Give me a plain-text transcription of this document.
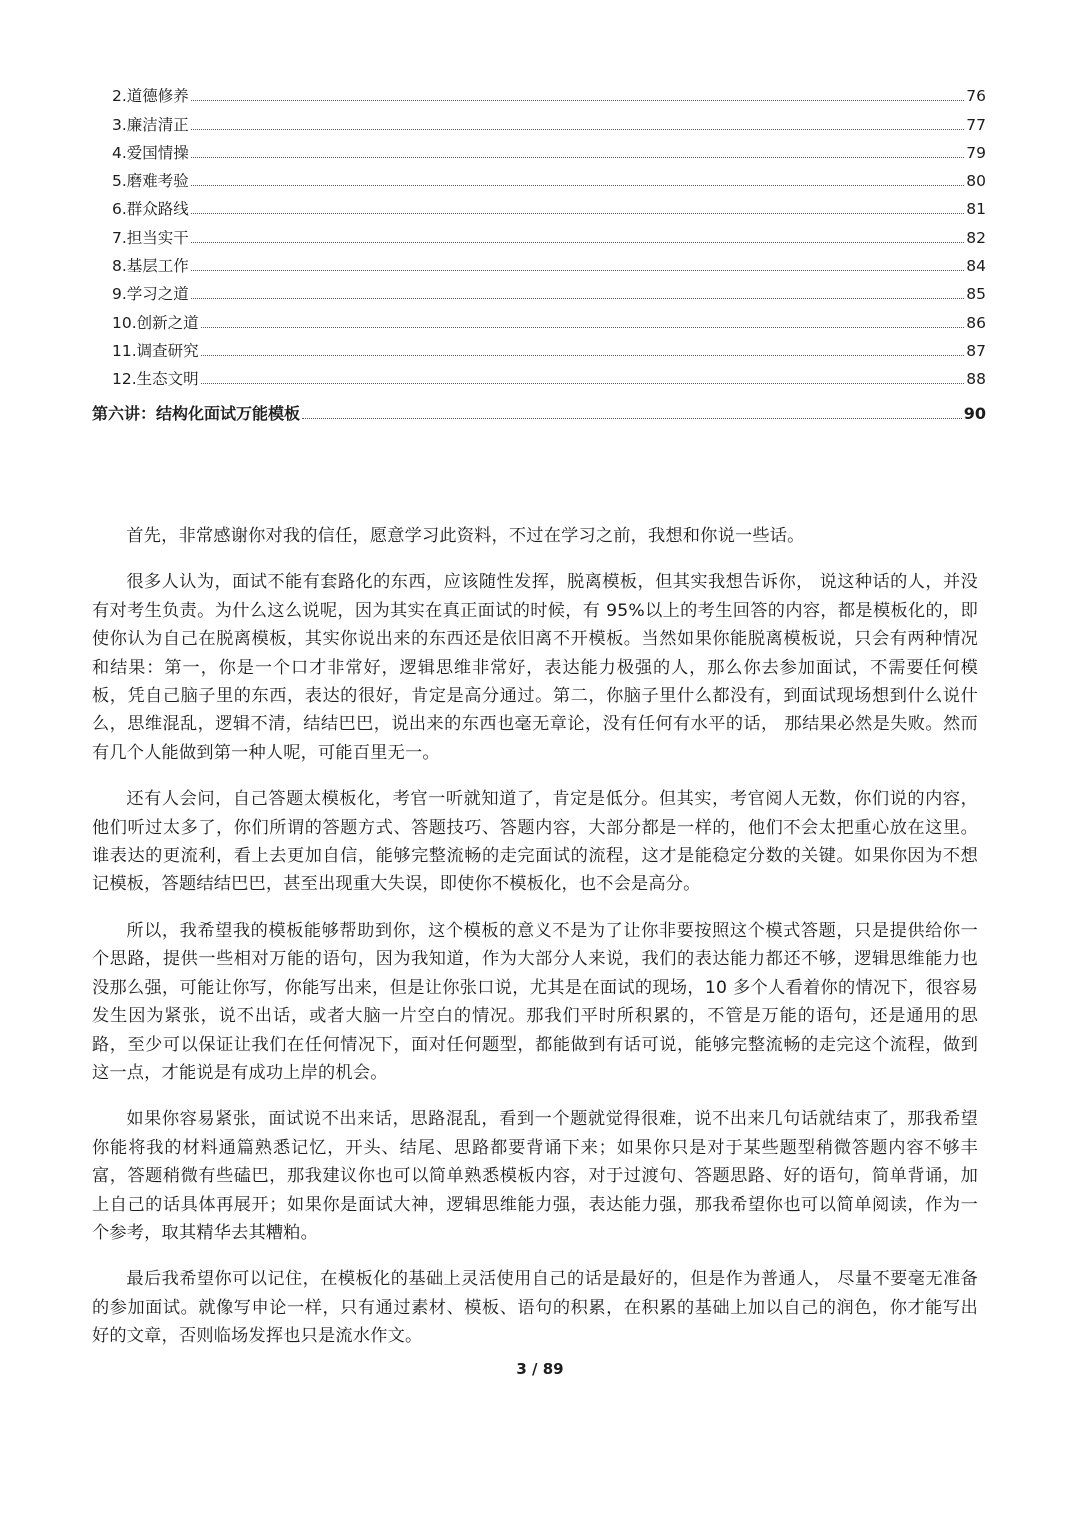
2.道德修养	76
3.廉洁清正	77
4.爱国情操	79
5.磨难考验	80
6.群众路线	81
7.担当实干	82
8.基层工作	84
9.学习之道	85
10.创新之道	86
11.调查研究	87
12.生态文明	88
第六讲：结构化面试万能模板	90

首先，非常感谢你对我的信任，愿意学习此资料，不过在学习之前，我想和你说一些话。

很多人认为，面试不能有套路化的东西，应该随性发挥，脱离模板，但其实我想告诉你， 说这种话的人，并没有对考生负责。为什么这么说呢，因为其实在真正面试的时候，有 95%以上的考生回答的内容，都是模板化的，即使你认为自己在脱离模板，其实你说出来的东西还是依旧离不开模板。当然如果你能脱离模板说，只会有两种情况和结果：第一，你是一个口才非常好，逻辑思维非常好，表达能力极强的人，那么你去参加面试，不需要任何模板，凭自己脑子里的东西，表达的很好，肯定是高分通过。第二，你脑子里什么都没有，到面试现场想到什么说什么，思维混乱，逻辑不清，结结巴巴，说出来的东西也毫无章论，没有任何有水平的话， 那结果必然是失败。然而有几个人能做到第一种人呢，可能百里无一。

还有人会问，自己答题太模板化，考官一听就知道了，肯定是低分。但其实，考官阅人无数，你们说的内容，他们听过太多了，你们所谓的答题方式、答题技巧、答题内容，大部分都是一样的，他们不会太把重心放在这里。谁表达的更流利，看上去更加自信，能够完整流畅的走完面试的流程，这才是能稳定分数的关键。如果你因为不想记模板，答题结结巴巴，甚至出现重大失误，即使你不模板化，也不会是高分。

所以，我希望我的模板能够帮助到你，这个模板的意义不是为了让你非要按照这个模式答题，只是提供给你一个思路，提供一些相对万能的语句，因为我知道，作为大部分人来说，我们的表达能力都还不够，逻辑思维能力也没那么强，可能让你写，你能写出来，但是让你张口说，尤其是在面试的现场，10 多个人看着你的情况下，很容易发生因为紧张，说不出话，或者大脑一片空白的情况。那我们平时所积累的，不管是万能的语句，还是通用的思路，至少可以保证让我们在任何情况下，面对任何题型，都能做到有话可说，能够完整流畅的走完这个流程，做到这一点，才能说是有成功上岸的机会。

如果你容易紧张，面试说不出来话，思路混乱，看到一个题就觉得很难，说不出来几句话就结束了，那我希望你能将我的材料通篇熟悉记忆，开头、结尾、思路都要背诵下来；如果你只是对于某些题型稍微答题内容不够丰富，答题稍微有些磕巴，那我建议你也可以简单熟悉模板内容，对于过渡句、答题思路、好的语句，简单背诵，加上自己的话具体再展开；如果你是面试大神，逻辑思维能力强，表达能力强，那我希望你也可以简单阅读，作为一个参考，取其精华去其糟粕。

最后我希望你可以记住，在模板化的基础上灵活使用自己的话是最好的，但是作为普通人， 尽量不要毫无准备的参加面试。就像写申论一样，只有通过素材、模板、语句的积累，在积累的基础上加以自己的润色，你才能写出好的文章，否则临场发挥也只是流水作文。

3 / 89
